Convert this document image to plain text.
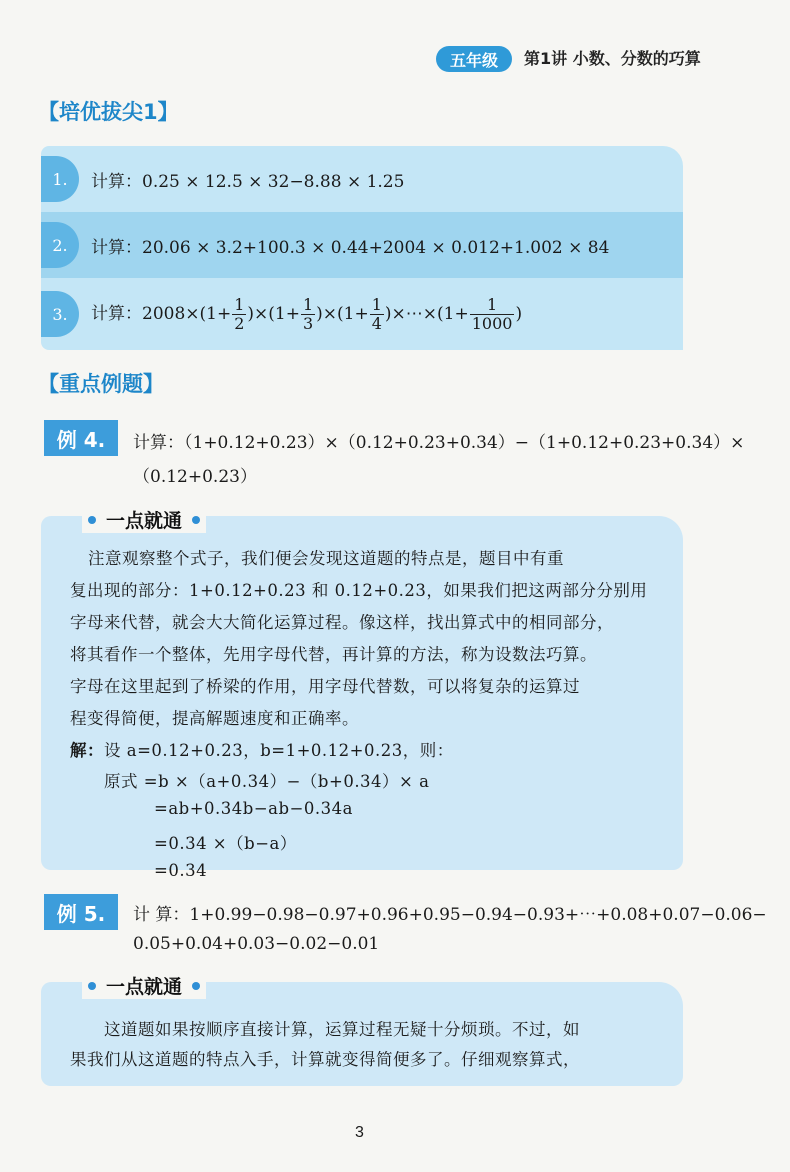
五年级	第1讲 小数、分数的巧算
【培优拔尖1】
1.	计算：0.25 × 12.5 × 32−8.88 × 1.25
2.	计算：20.06 × 3.2+100.3 × 0.44+2004 × 0.012+1.002 × 84
3.	计算：$2008\times(1+ \frac{1}{2} )\times(1+ \frac{1}{3} )\times(1+ \frac{1}{4}$ )×⋯×(1+ $\frac{1}{1000}$ )
【重点例题】
例 4.	计算：（1+0.12+0.23）×（0.12+0.23+0.34）−（1+0.12+0.23+0.34）×
（0.12+0.23）
一点就通
注意观察整个式子，我们便会发现这道题的特点是，题目中有重
复出现的部分：1+0.12+0.23 和 0.12+0.23，如果我们把这两部分分别用
字母来代替，就会大大简化运算过程。像这样，找出算式中的相同部分，
将其看作一个整体，先用字母代替，再计算的方法，称为设数法巧算。
字母在这里起到了桥梁的作用，用字母代替数，可以将复杂的运算过
程变得简便，提高解题速度和正确率。
解：设 a=0.12+0.23，b=1+0.12+0.23，则：
原式 =b ×（a+0.34）−（b+0.34）× a
=ab+0.34b−ab−0.34a
=0.34 ×（b−a）
=0.34
例 5.	计 算：1+0.99−0.98−0.97+0.96+0.95−0.94−0.93+⋯+0.08+0.07−0.06−
0.05+0.04+0.03−0.02−0.01
一点就通
这道题如果按顺序直接计算，运算过程无疑十分烦琐。不过，如
果我们从这道题的特点入手，计算就变得简便多了。仔细观察算式，
3
